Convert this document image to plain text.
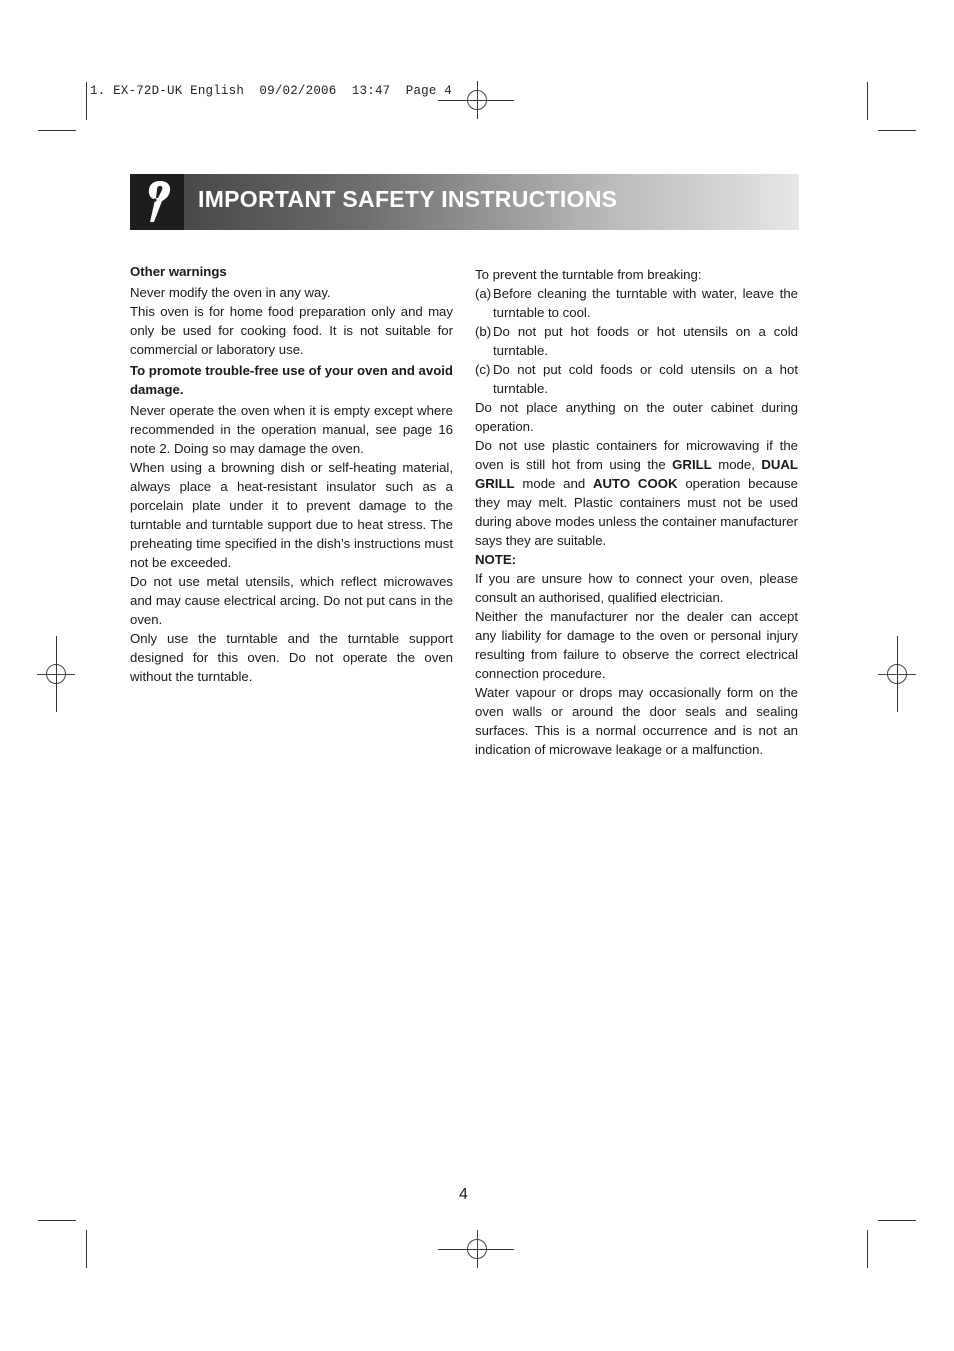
1. EX-72D-UK English  09/02/2006  13:47  Page 4
IMPORTANT SAFETY INSTRUCTIONS

Other warnings

Never modify the oven in any way.

This oven is for home food preparation only and may only be used for cooking food. It is not suitable for commercial or laboratory use.

To promote trouble-free use of your oven and avoid damage.

Never operate the oven when it is empty except where recommended in the operation manual, see page 16 note 2. Doing so may damage the oven.

When using a browning dish or self-heating material, always place a heat-resistant insulator such as a porcelain plate under it to prevent damage to the turntable and turntable support due to heat stress. The preheating time specified in the dish’s instructions must not be exceeded.

Do not use metal utensils, which reflect microwaves and may cause electrical arcing. Do not put cans in the oven.

Only use the turntable and the turntable support designed for this oven. Do not operate the oven without the turntable.

To prevent the turntable from breaking:

(a) Before cleaning the turntable with water, leave the turntable to cool.
(b) Do not put hot foods or hot utensils on a cold turntable.
(c) Do not put cold foods or cold utensils on a hot turntable.

Do not place anything on the outer cabinet during operation.

Do not use plastic containers for microwaving if the oven is still hot from using the GRILL mode, DUAL GRILL mode and AUTO COOK operation because they may melt. Plastic containers must not be used during above modes unless the container manufacturer says they are suitable.

NOTE:

If you are unsure how to connect your oven, please consult an authorised, qualified electrician.

Neither the manufacturer nor the dealer can accept any liability for damage to the oven or personal injury resulting from failure to observe the correct electrical connection procedure.

Water vapour or drops may occasionally form on the oven walls or around the door seals and sealing surfaces. This is a normal occurrence and is not an indication of microwave leakage or a malfunction.

4
